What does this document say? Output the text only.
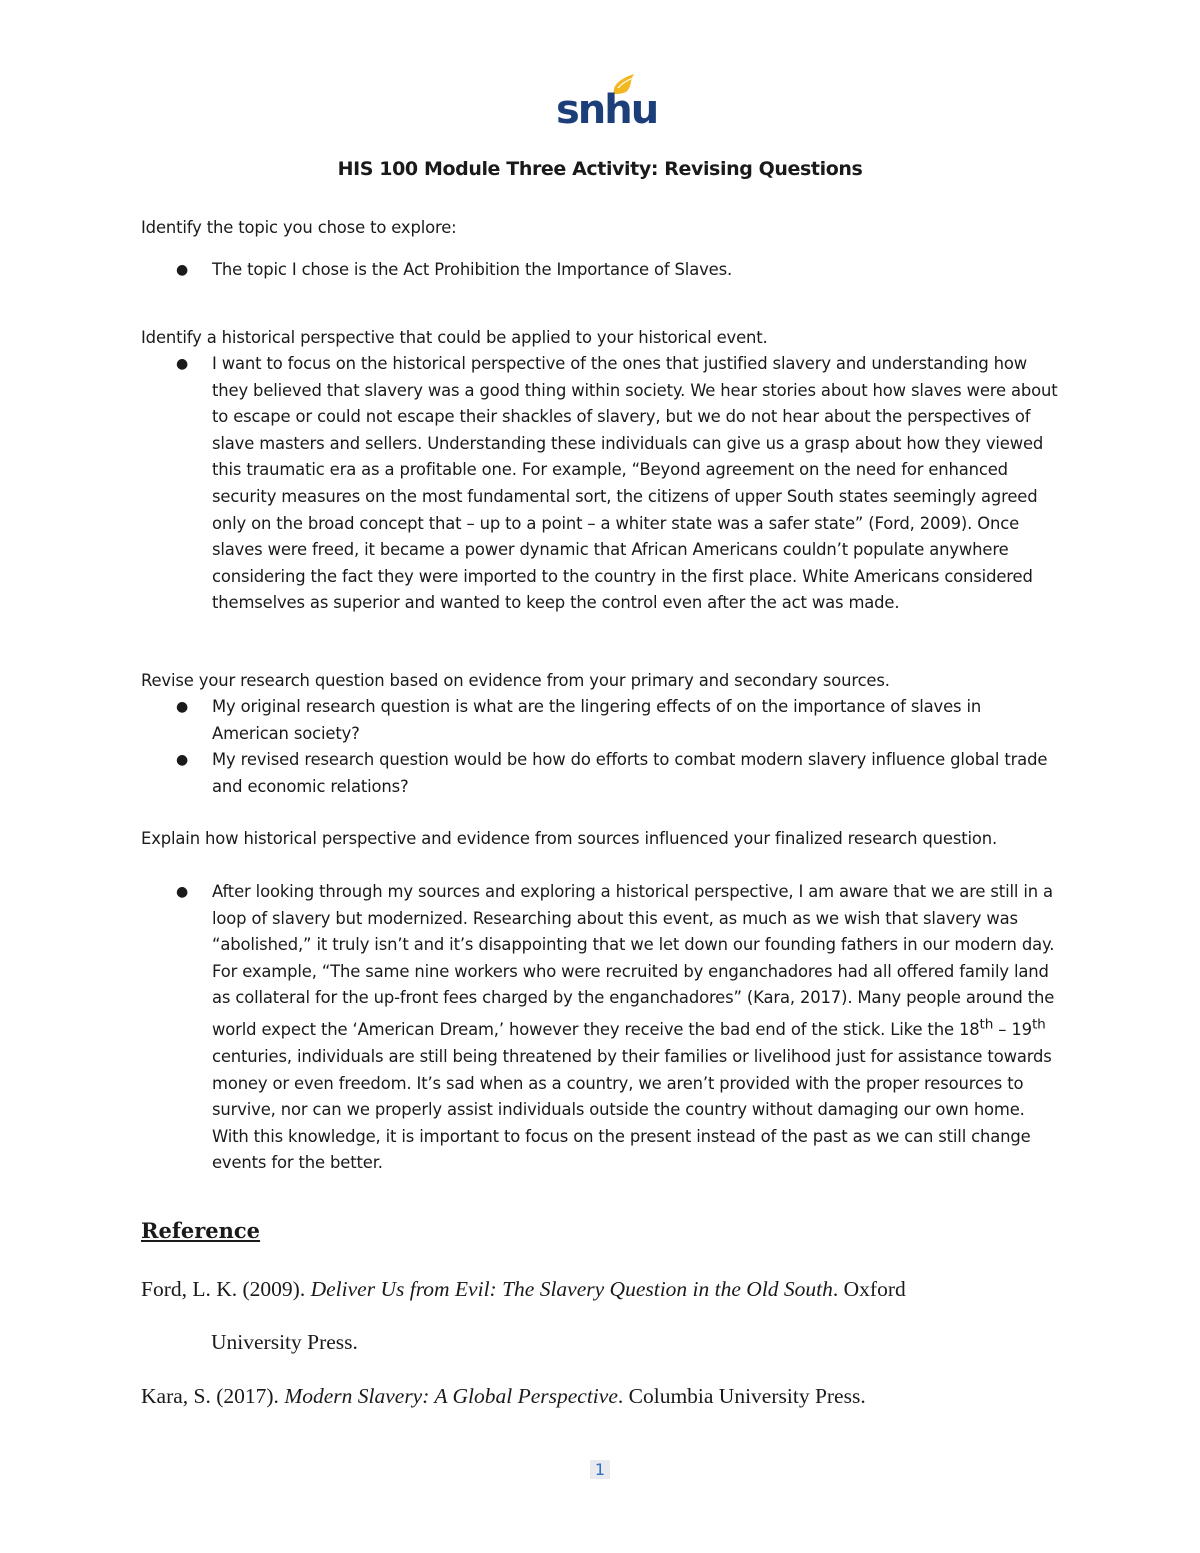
snhu
HIS 100 Module Three Activity: Revising Questions

Identify the topic you chose to explore:

● The topic I chose is the Act Prohibition the Importance of Slaves.

Identify a historical perspective that could be applied to your historical event.

● I want to focus on the historical perspective of the ones that justified slavery and understanding how they believed that slavery was a good thing within society. We hear stories about how slaves were about to escape or could not escape their shackles of slavery, but we do not hear about the perspectives of slave masters and sellers. Understanding these individuals can give us a grasp about how they viewed this traumatic era as a profitable one. For example, “Beyond agreement on the need for enhanced security measures on the most fundamental sort, the citizens of upper South states seemingly agreed only on the broad concept that – up to a point – a whiter state was a safer state” (Ford, 2009). Once slaves were freed, it became a power dynamic that African Americans couldn’t populate anywhere considering the fact they were imported to the country in the first place. White Americans considered themselves as superior and wanted to keep the control even after the act was made.

Revise your research question based on evidence from your primary and secondary sources.

● My original research question is what are the lingering effects of on the importance of slaves in American society?
● My revised research question would be how do efforts to combat modern slavery influence global trade and economic relations?

Explain how historical perspective and evidence from sources influenced your finalized research question.

● After looking through my sources and exploring a historical perspective, I am aware that we are still in a loop of slavery but modernized. Researching about this event, as much as we wish that slavery was “abolished,” it truly isn’t and it’s disappointing that we let down our founding fathers in our modern day. For example, “The same nine workers who were recruited by enganchadores had all offered family land as collateral for the up-front fees charged by the enganchadores” (Kara, 2017). Many people around the world expect the ‘American Dream,’ however they receive the bad end of the stick. Like the 18th – 19th centuries, individuals are still being threatened by their families or livelihood just for assistance towards money or even freedom. It’s sad when as a country, we aren’t provided with the proper resources to survive, nor can we properly assist individuals outside the country without damaging our own home. With this knowledge, it is important to focus on the present instead of the past as we can still change events for the better.
Reference
Ford, L. K. (2009). Deliver Us from Evil: The Slavery Question in the Old South. Oxford
University Press.
Kara, S. (2017). Modern Slavery: A Global Perspective. Columbia University Press.
1
